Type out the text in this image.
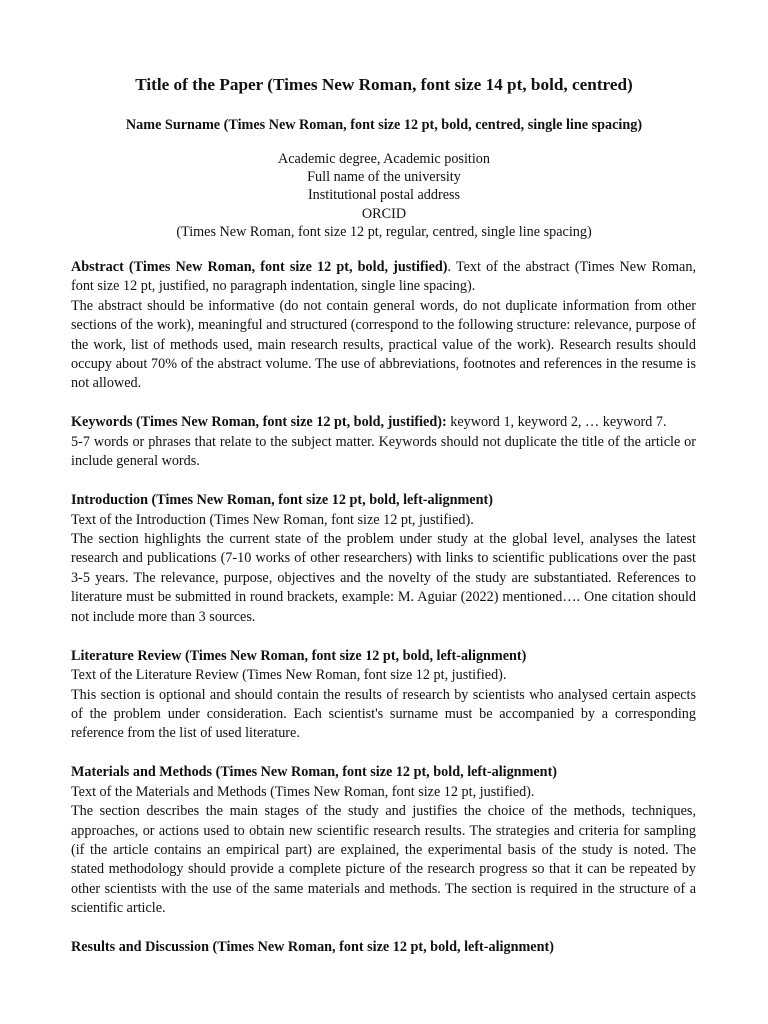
Title of the Paper (Times New Roman, font size 14 pt, bold, centred)
Name Surname (Times New Roman, font size 12 pt, bold, centred, single line spacing)
Academic degree, Academic position
Full name of the university
Institutional postal address
ORCID
(Times New Roman, font size 12 pt, regular, centred, single line spacing)

Abstract (Times New Roman, font size 12 pt, bold, justified). Text of the abstract (Times New Roman, font size 12 pt, justified, no paragraph indentation, single line spacing).

The abstract should be informative (do not contain general words, do not duplicate information from other sections of the work), meaningful and structured (correspond to the following structure: relevance, purpose of the work, list of methods used, main research results, practical value of the work). Research results should occupy about 70% of the abstract volume. The use of abbreviations, footnotes and references in the resume is not allowed.

Keywords (Times New Roman, font size 12 pt, bold, justified): keyword 1, keyword 2, … keyword 7.

5-7 words or phrases that relate to the subject matter. Keywords should not duplicate the title of the article or include general words.

Introduction (Times New Roman, font size 12 pt, bold, left-alignment)

Text of the Introduction (Times New Roman, font size 12 pt, justified).

The section highlights the current state of the problem under study at the global level, analyses the latest research and publications (7-10 works of other researchers) with links to scientific publications over the past 3-5 years. The relevance, purpose, objectives and the novelty of the study are substantiated. References to literature must be submitted in round brackets, example: M. Aguiar (2022) mentioned…. One citation should not include more than 3 sources.

Literature Review (Times New Roman, font size 12 pt, bold, left-alignment)

Text of the Literature Review (Times New Roman, font size 12 pt, justified).

This section is optional and should contain the results of research by scientists who analysed certain aspects of the problem under consideration. Each scientist's surname must be accompanied by a corresponding reference from the list of used literature.

Materials and Methods (Times New Roman, font size 12 pt, bold, left-alignment)

Text of the Materials and Methods (Times New Roman, font size 12 pt, justified).

The section describes the main stages of the study and justifies the choice of the methods, techniques, approaches, or actions used to obtain new scientific research results. The strategies and criteria for sampling (if the article contains an empirical part) are explained, the experimental basis of the study is noted. The stated methodology should provide a complete picture of the research progress so that it can be repeated by other scientists with the use of the same materials and methods. The section is required in the structure of a scientific article.

Results and Discussion (Times New Roman, font size 12 pt, bold, left-alignment)
